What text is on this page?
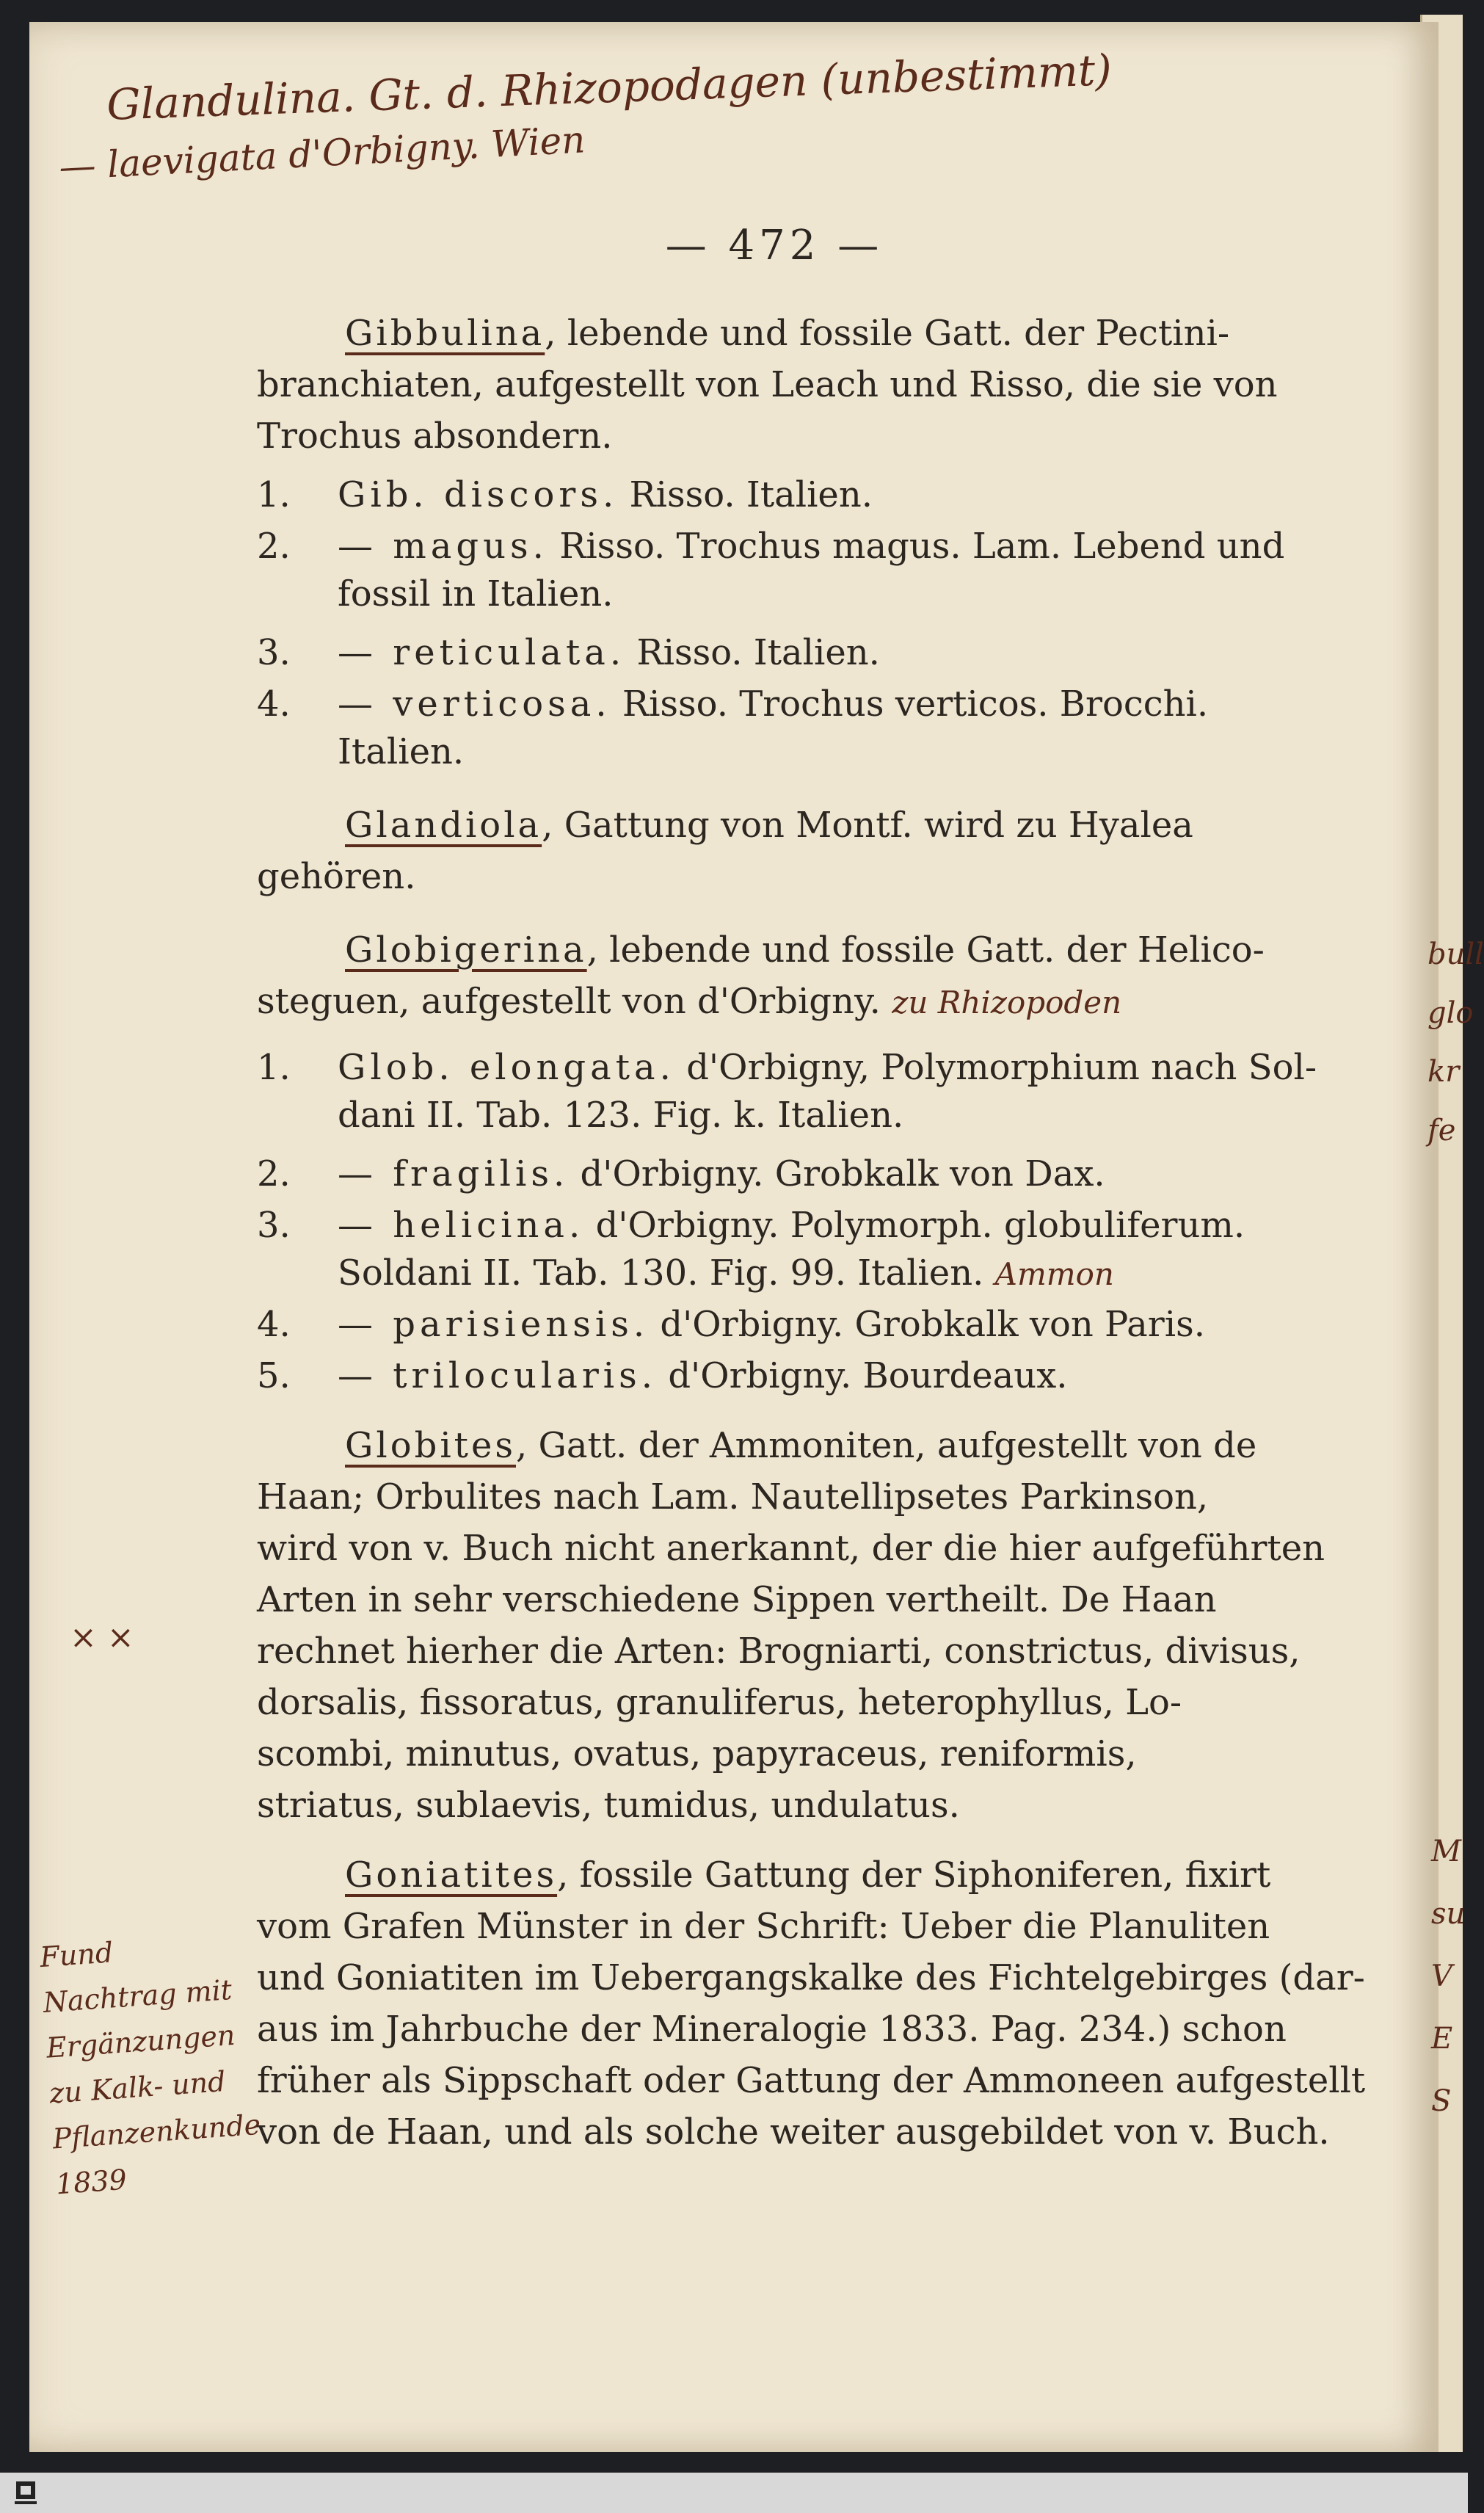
Glandulina. Gt. d. Rhizopodagen (unbestimmt)
— laevigata d'Orbigny. Wien
× ×
Fund Nachtrag mit Ergänzungen zu Kalk- und Pflanzenkunde 1839
bull glo kr fe
M su V E S
— 472 —
Gibbulina, lebende und fossile Gatt. der Pectini-
branchiaten, aufgestellt von Leach und Risso, die sie von
Trochus absondern.
1. Gib. discors. Risso. Italien.
2. — magus. Risso. Trochus magus. Lam. Lebend und
fossil in Italien.
3. — reticulata. Risso. Italien.
4. — verticosa. Risso. Trochus verticos. Brocchi.
Italien.
Glandiola, Gattung von Montf. wird zu Hyalea
gehören.
Globigerina, lebende und fossile Gatt. der Helico-
steguen, aufgestellt von d'Orbigny. zu Rhizopoden
1. Glob. elongata. d'Orbigny, Polymorphium nach Sol-
dani II. Tab. 123. Fig. k. Italien.
2. — fragilis. d'Orbigny. Grobkalk von Dax.
3. — helicina. d'Orbigny. Polymorph. globuliferum.
Soldani II. Tab. 130. Fig. 99. Italien. Ammon
4. — parisiensis. d'Orbigny. Grobkalk von Paris.
5. — trilocularis. d'Orbigny. Bourdeaux.
Globites, Gatt. der Ammoniten, aufgestellt von de
Haan; Orbulites nach Lam. Nautellipsetes Parkinson,
wird von v. Buch nicht anerkannt, der die hier aufgeführten
Arten in sehr verschiedene Sippen vertheilt. De Haan
rechnet hierher die Arten: Brogniarti, constrictus, divisus,
dorsalis, fissoratus, granuliferus, heterophyllus, Lo-
scombi, minutus, ovatus, papyraceus, reniformis,
striatus, sublaevis, tumidus, undulatus.
Goniatites, fossile Gattung der Siphoniferen, fixirt
vom Grafen Münster in der Schrift: Ueber die Planuliten
und Goniatiten im Uebergangskalke des Fichtelgebirges (dar-
aus im Jahrbuche der Mineralogie 1833. Pag. 234.) schon
früher als Sippschaft oder Gattung der Ammoneen aufgestellt
von de Haan, und als solche weiter ausgebildet von v. Buch.
